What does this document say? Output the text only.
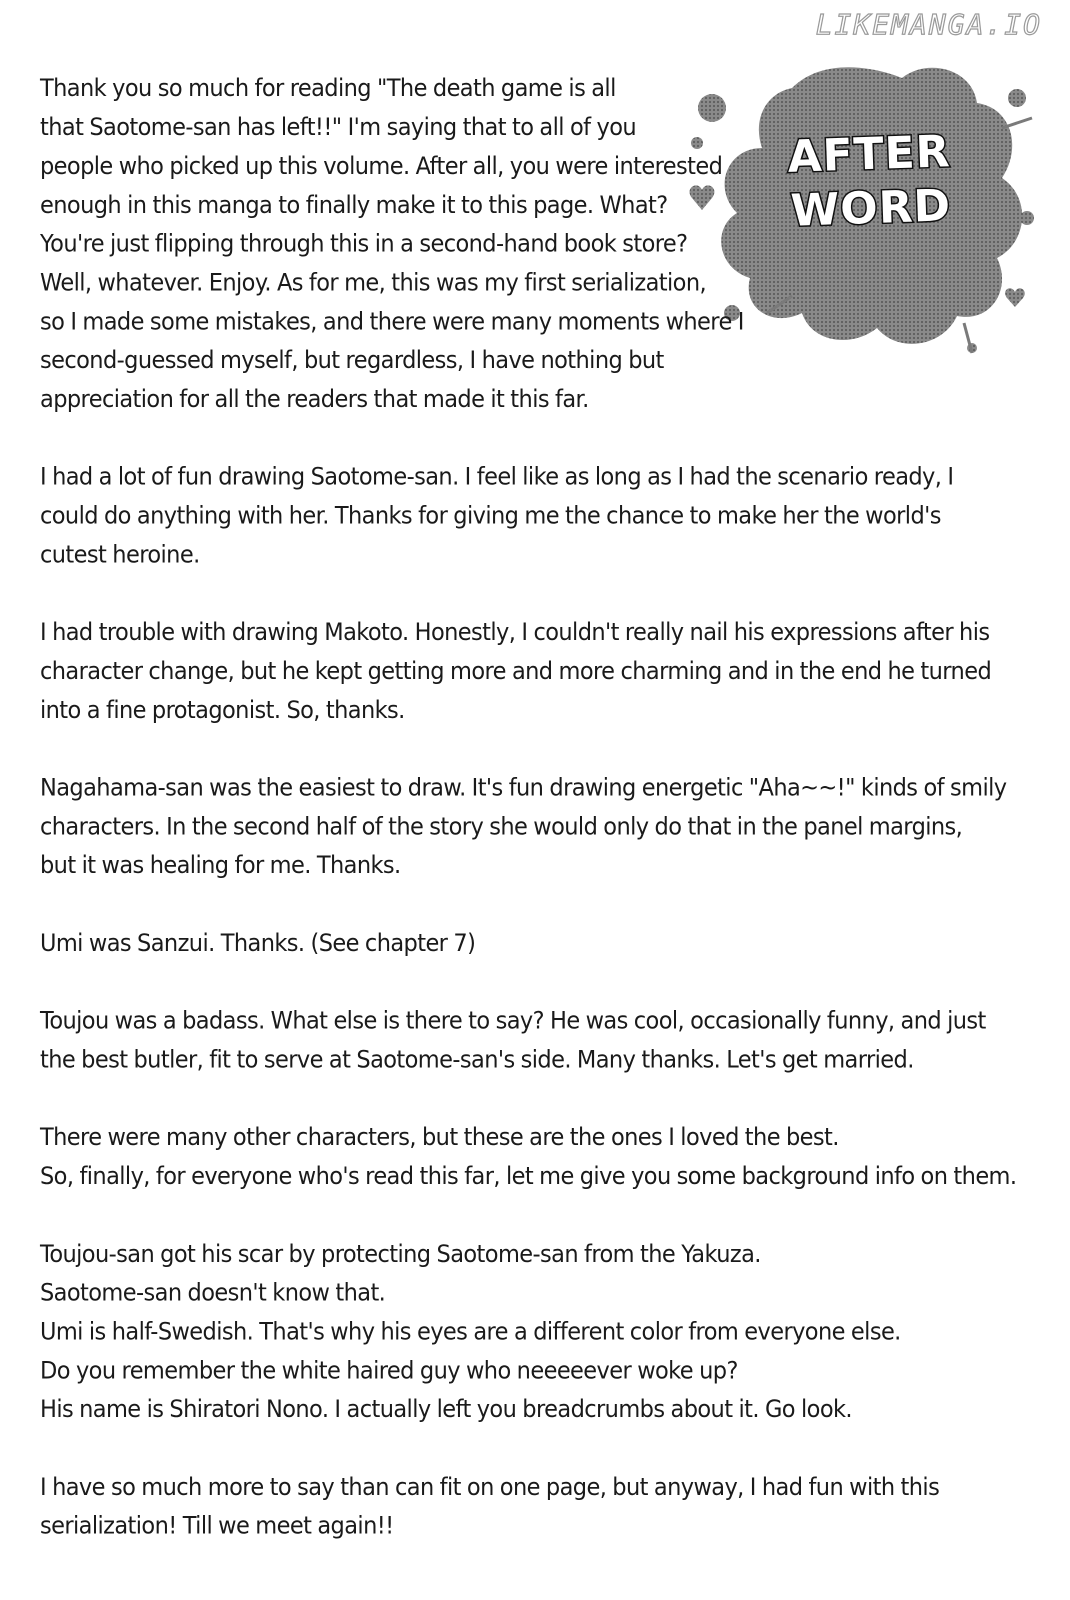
LIKEMANGA.IO
AFTER
WORD

Thank you so much for reading "The death game is all
that Saotome-san has left!!" I'm saying that to all of you
people who picked up this volume. After all, you were interested
enough in this manga to finally make it to this page. What?
You're just flipping through this in a second-hand book store?
Well, whatever. Enjoy. As for me, this was my first serialization,
so I made some mistakes, and there were many moments where I
second-guessed myself, but regardless, I have nothing but
appreciation for all the readers that made it this far.

I had a lot of fun drawing Saotome-san. I feel like as long as I had the scenario ready, I
could do anything with her. Thanks for giving me the chance to make her the world's
cutest heroine.

I had trouble with drawing Makoto. Honestly, I couldn't really nail his expressions after his
character change, but he kept getting more and more charming and in the end he turned
into a fine protagonist. So, thanks.

Nagahama-san was the easiest to draw. It's fun drawing energetic "Aha~~!" kinds of smily
characters. In the second half of the story she would only do that in the panel margins,
but it was healing for me. Thanks.

Umi was Sanzui. Thanks. (See chapter 7)

Toujou was a badass. What else is there to say? He was cool, occasionally funny, and just
the best butler, fit to serve at Saotome-san's side. Many thanks. Let's get married.

There were many other characters, but these are the ones I loved the best.
So, finally, for everyone who's read this far, let me give you some background info on them.

Toujou-san got his scar by protecting Saotome-san from the Yakuza.
Saotome-san doesn't know that.
Umi is half-Swedish. That's why his eyes are a different color from everyone else.
Do you remember the white haired guy who neeeeever woke up?
His name is Shiratori Nono. I actually left you breadcrumbs about it. Go look.

I have so much more to say than can fit on one page, but anyway, I had fun with this
serialization! Till we meet again!!
